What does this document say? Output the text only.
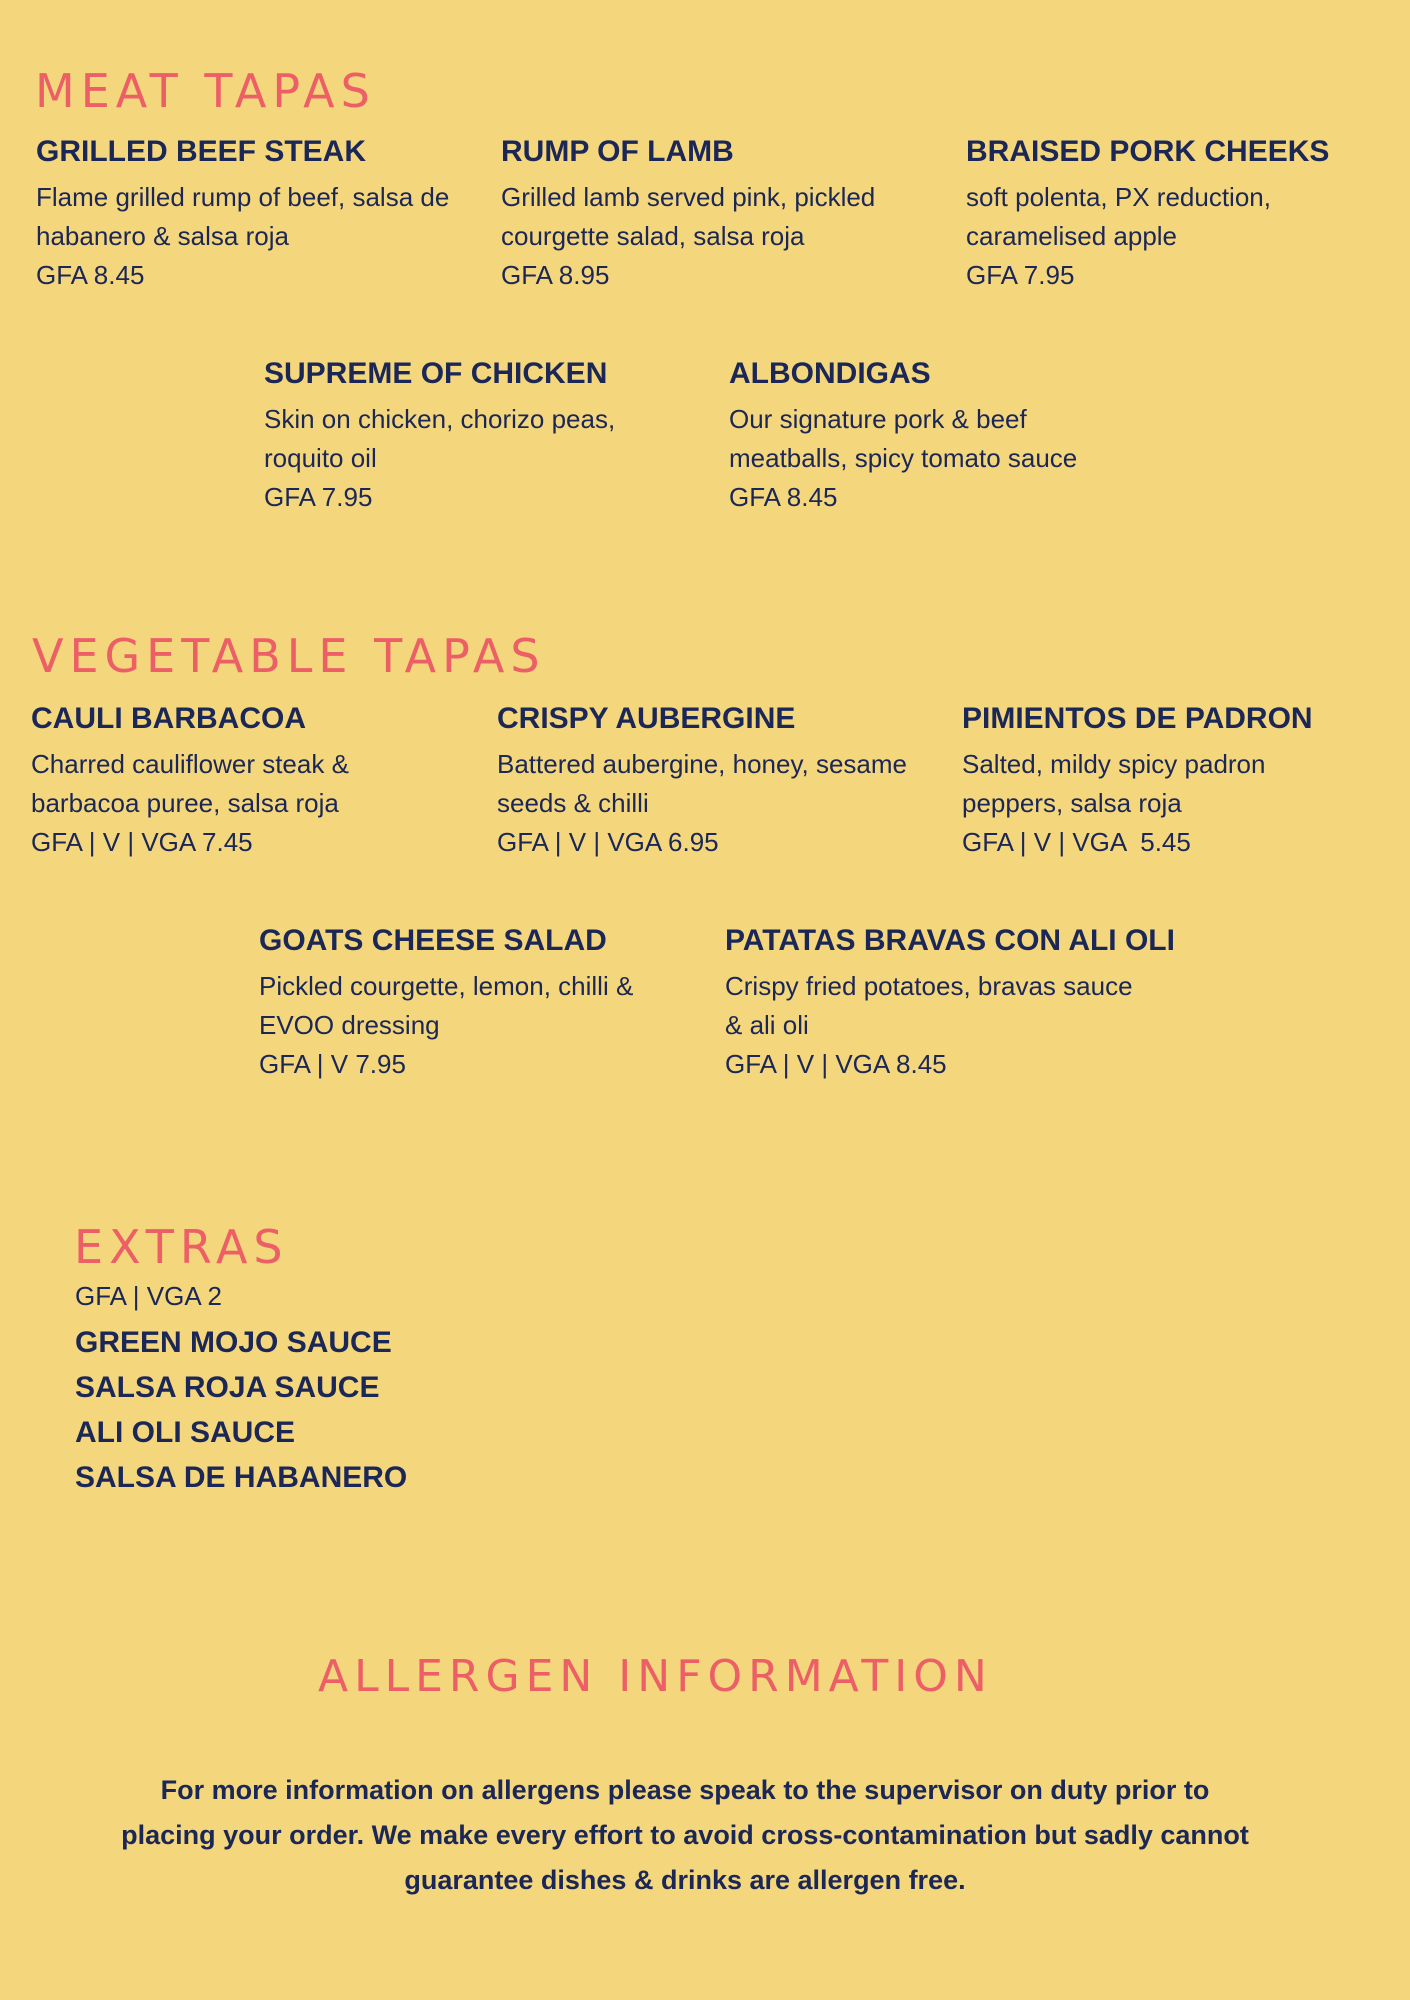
MEAT TAPAS

GRILLED BEEF STEAK

Flame grilled rump of beef, salsa de habanero & salsa roja

GFA 8.45

RUMP OF LAMB

Grilled lamb served pink, pickled courgette salad, salsa roja

GFA 8.95

BRAISED PORK CHEEKS

soft polenta, PX reduction, caramelised apple

GFA 7.95

SUPREME OF CHICKEN

Skin on chicken, chorizo peas, roquito oil

GFA 7.95

ALBONDIGAS

Our signature pork & beef meatballs, spicy tomato sauce

GFA 8.45

VEGETABLE TAPAS

CAULI BARBACOA

Charred cauliflower steak & barbacoa puree, salsa roja

GFA | V | VGA 7.45

CRISPY AUBERGINE

Battered aubergine, honey, sesame seeds & chilli

GFA | V | VGA 6.95

PIMIENTOS DE PADRON

Salted, mildy spicy padron peppers, salsa roja

GFA | V | VGA  5.45

GOATS CHEESE SALAD

Pickled courgette, lemon, chilli & EVOO dressing

GFA | V 7.95

PATATAS BRAVAS CON ALI OLI

Crispy fried potatoes, bravas sauce & ali oli

GFA | V | VGA 8.45

EXTRAS

GFA | VGA 2

GREEN MOJO SAUCE
SALSA ROJA SAUCE
ALI OLI SAUCE
SALSA DE HABANERO
ALLERGEN INFORMATION

For more information on allergens please speak to the supervisor on duty prior to placing your order. We make every effort to avoid cross-contamination but sadly cannot guarantee dishes & drinks are allergen free.
